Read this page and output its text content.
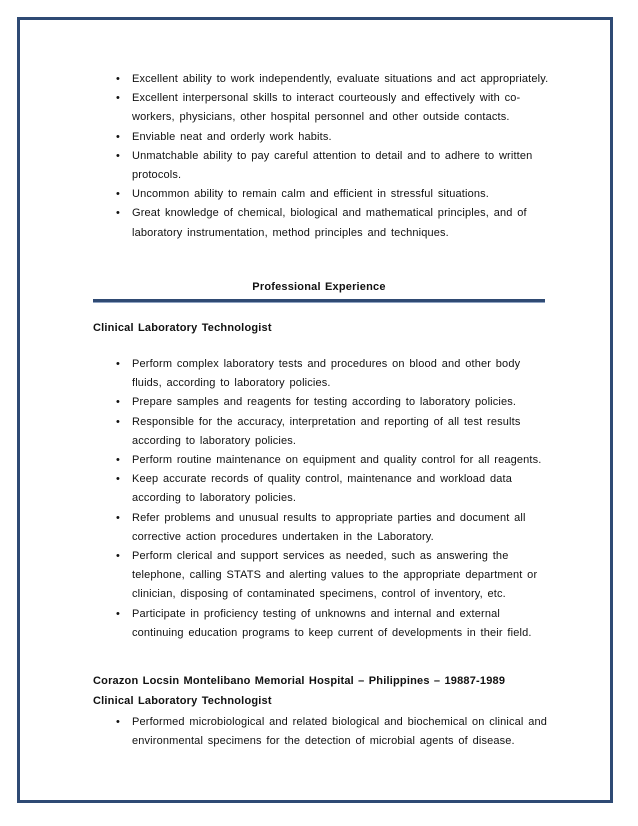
• Excellent ability to work independently, evaluate situations and act appropriately.
• Excellent interpersonal skills to interact courteously and effectively with co-workers, physicians, other hospital personnel and other outside contacts.
• Enviable neat and orderly work habits.
• Unmatchable ability to pay careful attention to detail and to adhere to written protocols.
• Uncommon ability to remain calm and efficient in stressful situations.
• Great knowledge of chemical, biological and mathematical principles, and of laboratory instrumentation, method principles and techniques.
Professional Experience
Clinical Laboratory Technologist
• Perform complex laboratory tests and procedures on blood and other body fluids, according to laboratory policies.
• Prepare samples and reagents for testing according to laboratory policies.
• Responsible for the accuracy, interpretation and reporting of all test results according to laboratory policies.
• Perform routine maintenance on equipment and quality control for all reagents.
• Keep accurate records of quality control, maintenance and workload data according to laboratory policies.
• Refer problems and unusual results to appropriate parties and document all corrective action procedures undertaken in the Laboratory.
• Perform clerical and support services as needed, such as answering the telephone, calling STATS and alerting values to the appropriate department or clinician, disposing of contaminated specimens, control of inventory, etc.
• Participate in proficiency testing of unknowns and internal and external continuing education programs to keep current of developments in their field.
Corazon Locsin Montelibano Memorial Hospital – Philippines – 19887-1989
Clinical Laboratory Technologist
• Performed microbiological and related biological and biochemical on clinical and environmental specimens for the detection of microbial agents of disease.
